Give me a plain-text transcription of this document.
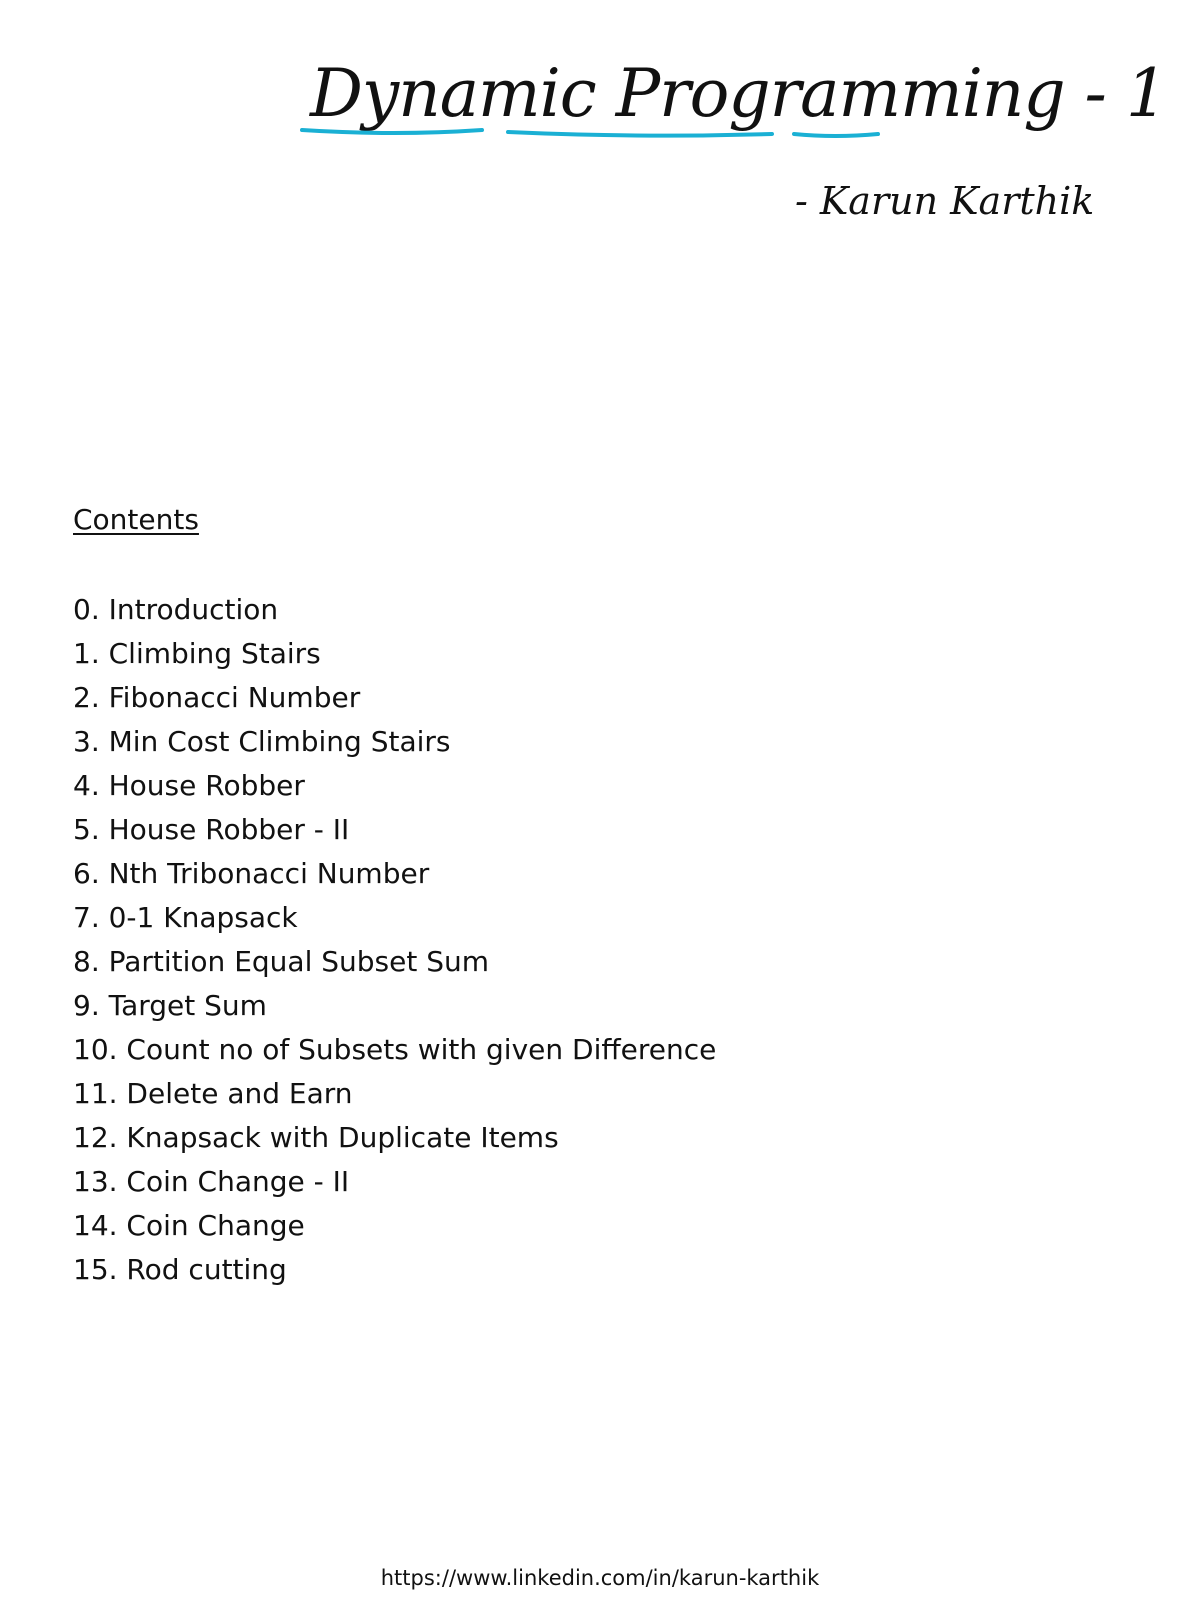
Dynamic Programming - 1
- Karun Karthik
Contents
0. Introduction
1. Climbing Stairs
2. Fibonacci Number
3. Min Cost Climbing Stairs
4. House Robber
5. House Robber - II
6. Nth Tribonacci Number
7. 0-1 Knapsack
8. Partition Equal Subset Sum
9. Target Sum
10. Count no of Subsets with given Difference
11. Delete and Earn
12. Knapsack with Duplicate Items
13. Coin Change - II
14. Coin Change
15. Rod cutting
https://www.linkedin.com/in/karun-karthik
